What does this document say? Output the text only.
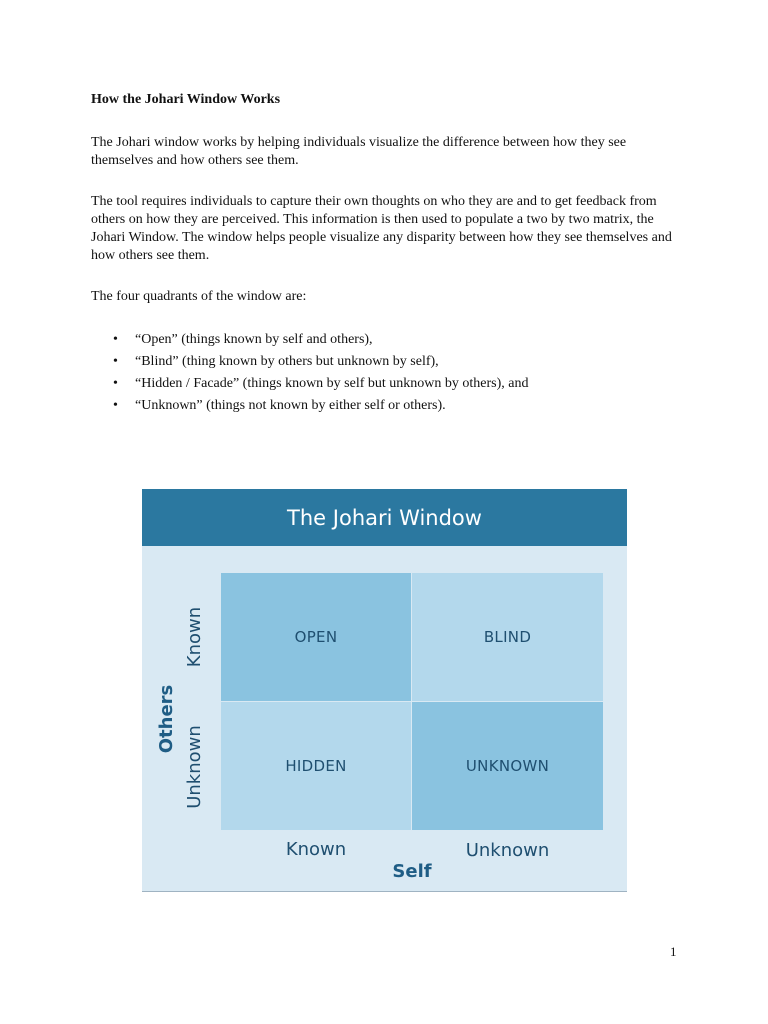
How the Johari Window Works

The Johari window works by helping individuals visualize the difference between how they see themselves and how others see them.

The tool requires individuals to capture their own thoughts on who they are and to get feedback from others on how they are perceived. This information is then used to populate a two by two matrix, the Johari Window. The window helps people visualize any disparity between how they see themselves and how others see them.

The four quadrants of the window are:

• “Open” (things known by self and others),
• “Blind” (thing known by others but unknown by self),
• “Hidden / Facade” (things known by self but unknown by others), and
• “Unknown” (things not known by either self or others).
The Johari Window
OPEN	BLIND
HIDDEN	UNKNOWN
Known
Unknown
Others
Known	Unknown
Self
1
